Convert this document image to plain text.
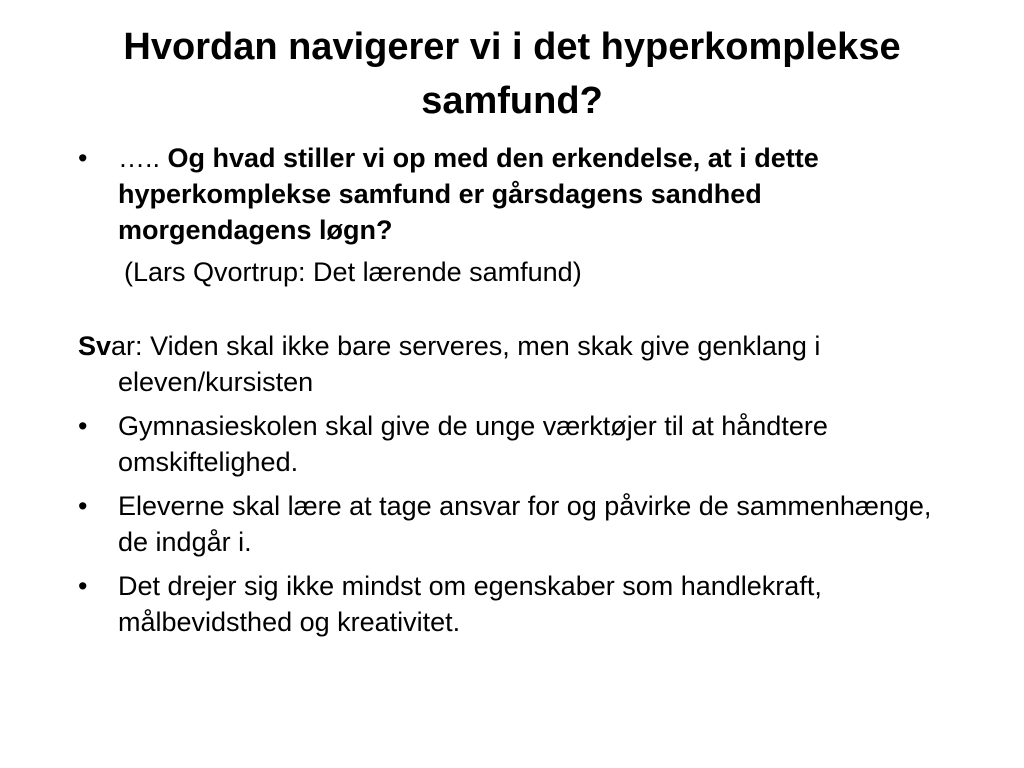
Hvordan navigerer vi i det hyperkomplekse samfund?
•	….. Og hvad stiller vi op med den erkendelse, at i dette hyperkomplekse samfund er gårsdagens sandhed morgendagens løgn?
(Lars Qvortrup: Det lærende samfund)
Svar: Viden skal ikke bare serveres, men skak give genklang i eleven/kursisten
•	Gymnasieskolen skal give de unge værktøjer til at håndtere omskiftelighed.
•	Eleverne skal lære at tage ansvar for og påvirke de sammenhænge, de indgår i.
•	Det drejer sig ikke mindst om egenskaber som handlekraft, målbevidsthed og kreativitet.
